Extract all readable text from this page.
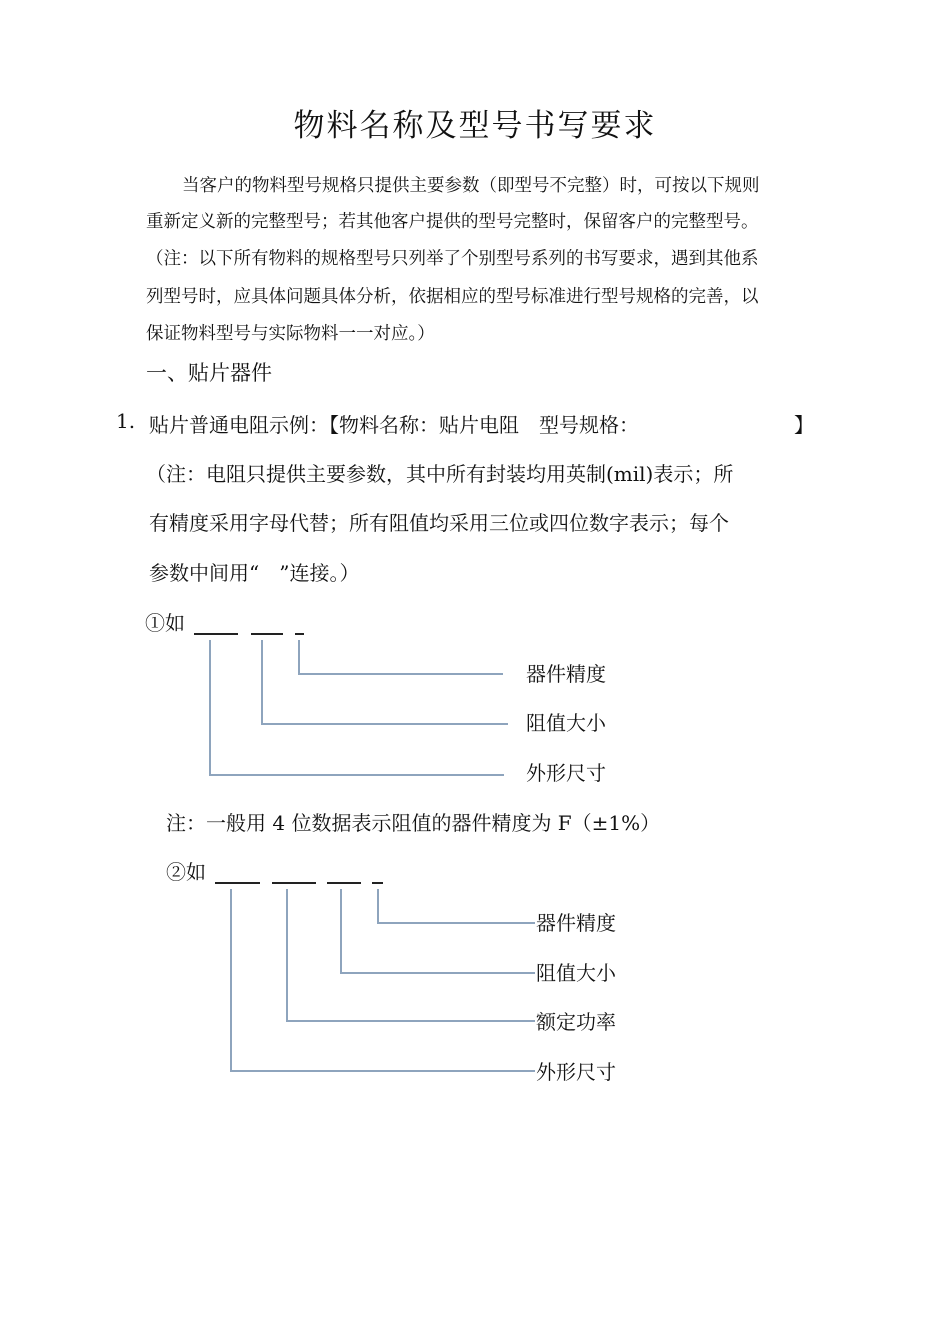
物料名称及型号书写要求
当客户的物料型号规格只提供主要参数（即型号不完整）时，可按以下规则
重新定义新的完整型号；若其他客户提供的型号完整时，保留客户的完整型号。
（注：以下所有物料的规格型号只列举了个别型号系列的书写要求，遇到其他系
列型号时，应具体问题具体分析，依据相应的型号标准进行型号规格的完善，以
保证物料型号与实际物料一一对应。）
一、贴片器件
1. 贴片普通电阻示例：【物料名称：贴片电阻　型号规格：	】
（注：电阻只提供主要参数，其中所有封装均用英制(mil)表示；所
有精度采用字母代替；所有阻值均采用三位或四位数字表示；每个
参数中间用“　”连接。）
①如
器件精度
阻值大小
外形尺寸
注：一般用 4 位数据表示阻值的器件精度为 F（±1%）
②如
器件精度
阻值大小
额定功率
外形尺寸
